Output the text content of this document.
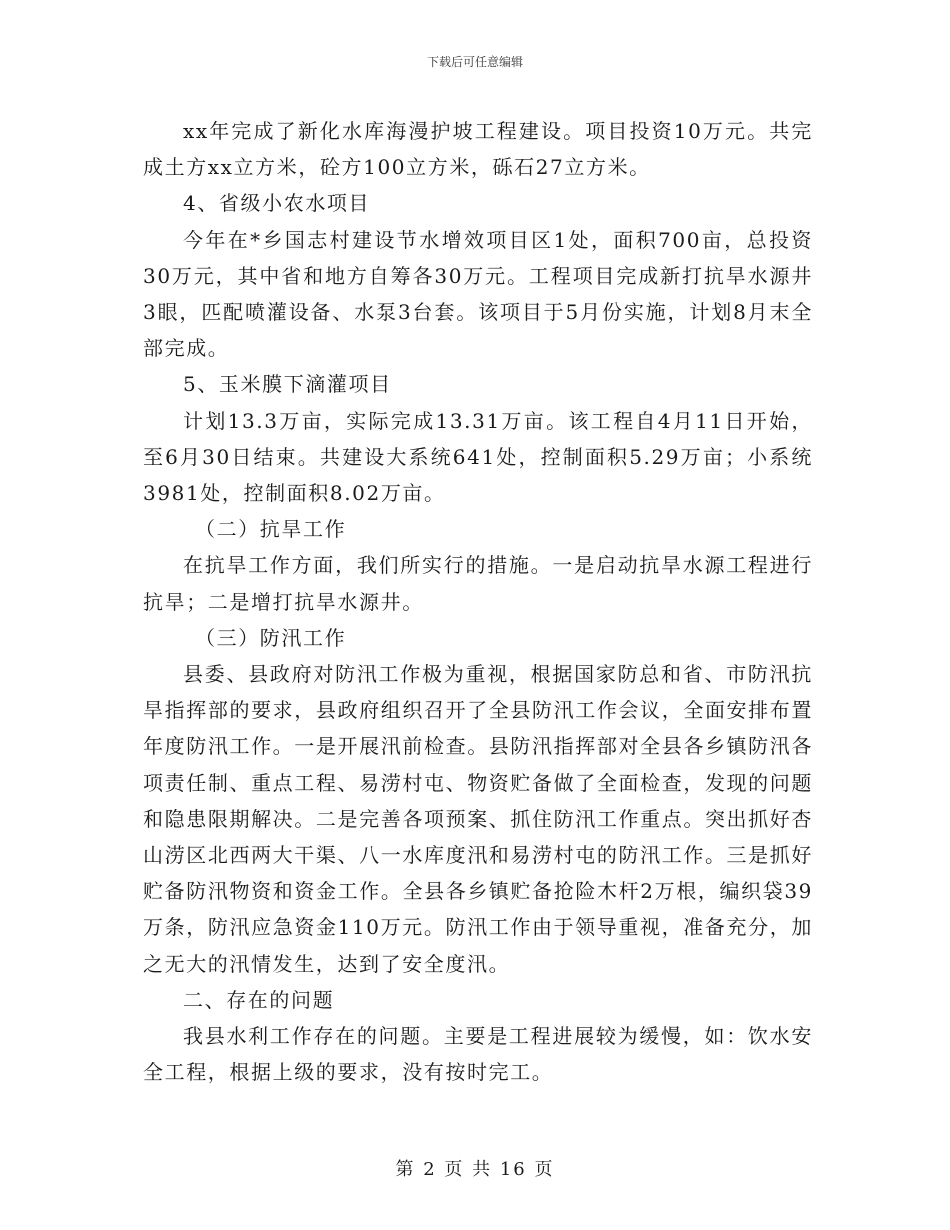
下载后可任意编辑

xx年完成了新化水库海漫护坡工程建设。项目投资10万元。共完成土方xx立方米，砼方100立方米，砾石27立方米。

4、省级小农水项目

今年在*乡国志村建设节水增效项目区1处，面积700亩，总投资30万元，其中省和地方自筹各30万元。工程项目完成新打抗旱水源井3眼，匹配喷灌设备、水泵3台套。该项目于5月份实施，计划8月末全部完成。

5、玉米膜下滴灌项目

计划13.3万亩，实际完成13.31万亩。该工程自4月11日开始，至6月30日结束。共建设大系统641处，控制面积5.29万亩；小系统3981处，控制面积8.02万亩。

（二）抗旱工作

在抗旱工作方面，我们所实行的措施。一是启动抗旱水源工程进行抗旱；二是增打抗旱水源井。

（三）防汛工作

县委、县政府对防汛工作极为重视，根据国家防总和省、市防汛抗旱指挥部的要求，县政府组织召开了全县防汛工作会议，全面安排布置年度防汛工作。一是开展汛前检查。县防汛指挥部对全县各乡镇防汛各项责任制、重点工程、易涝村屯、物资贮备做了全面检查，发现的问题和隐患限期解决。二是完善各项预案、抓住防汛工作重点。突出抓好杏山涝区北西两大干渠、八一水库度汛和易涝村屯的防汛工作。三是抓好贮备防汛物资和资金工作。全县各乡镇贮备抢险木杆2万根，编织袋39万条，防汛应急资金110万元。防汛工作由于领导重视，准备充分，加之无大的汛情发生，达到了安全度汛。

二、存在的问题

我县水利工作存在的问题。主要是工程进展较为缓慢，如：饮水安全工程，根据上级的要求，没有按时完工。

第 2 页 共 16 页
